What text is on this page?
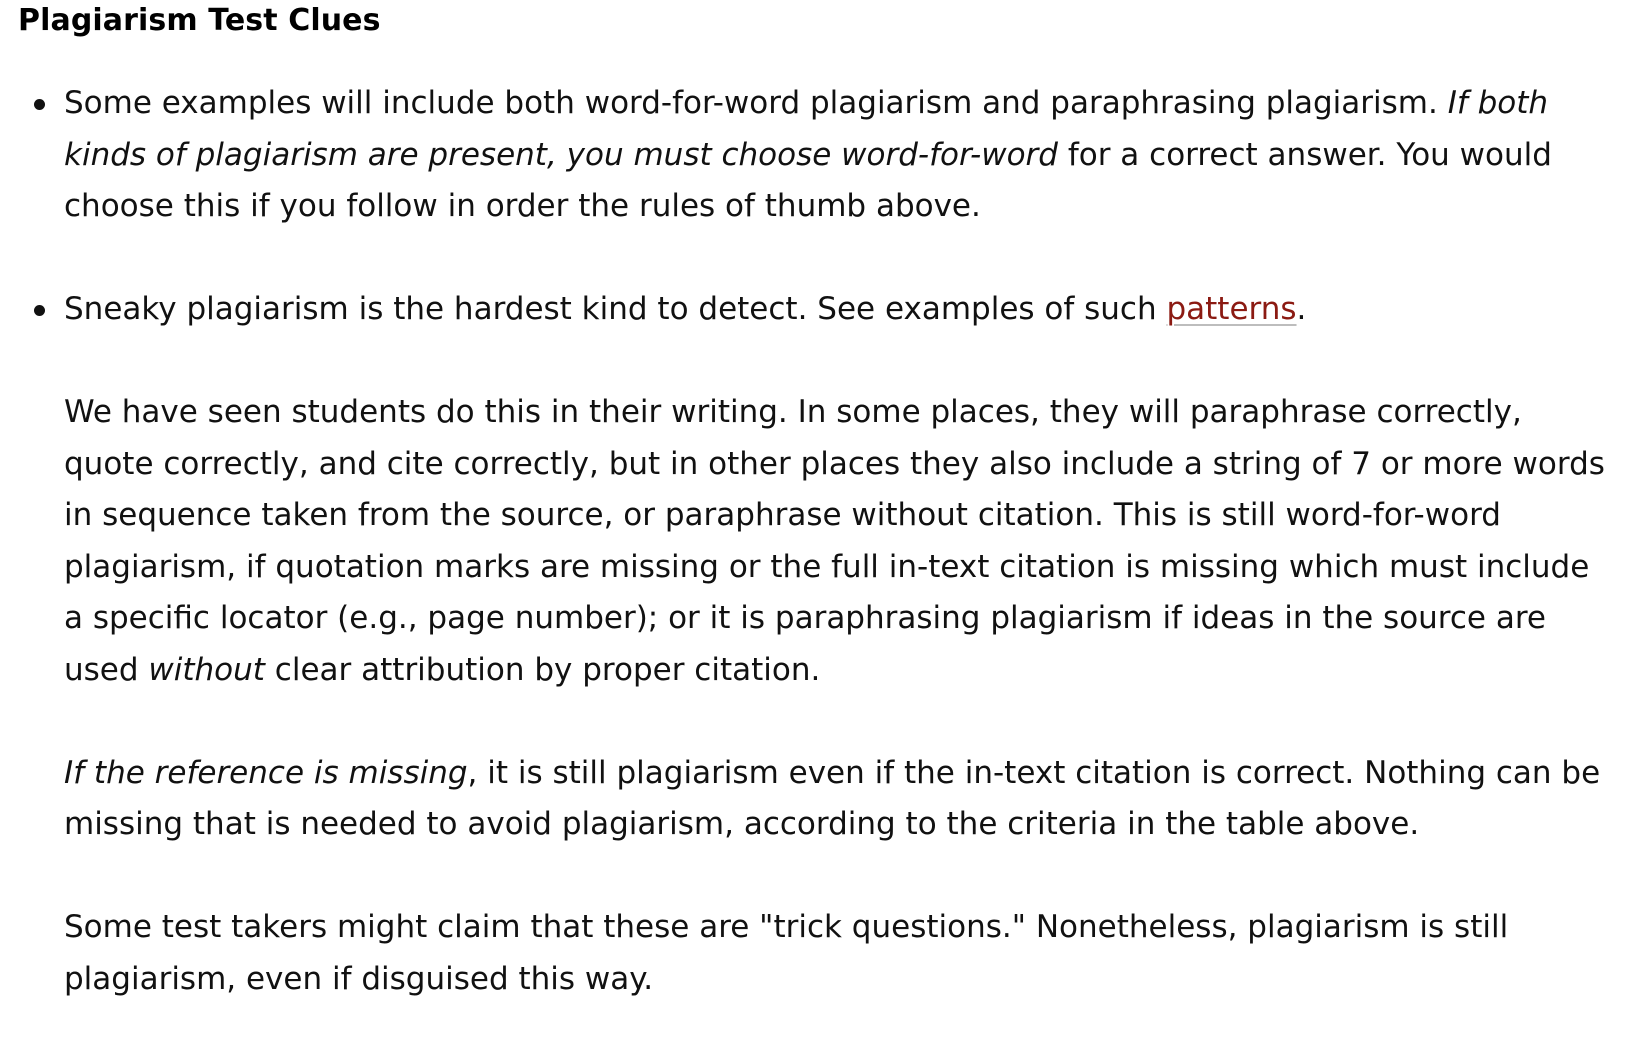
Plagiarism Test Clues

Some examples will include both word-for-word plagiarism and paraphrasing plagiarism. If both kinds of plagiarism are present, you must choose word-for-word for a correct answer. You would choose this if you follow in order the rules of thumb above.

Sneaky plagiarism is the hardest kind to detect. See examples of such patterns.

We have seen students do this in their writing. In some places, they will paraphrase correctly, quote correctly, and cite correctly, but in other places they also include a string of 7 or more words in sequence taken from the source, or paraphrase without citation. This is still word-for-word plagiarism, if quotation marks are missing or the full in-text citation is missing which must include a specific locator (e.g., page number); or it is paraphrasing plagiarism if ideas in the source are used without clear attribution by proper citation.

If the reference is missing, it is still plagiarism even if the in-text citation is correct. Nothing can be missing that is needed to avoid plagiarism, according to the criteria in the table above.

Some test takers might claim that these are "trick questions." Nonetheless, plagiarism is still plagiarism, even if disguised this way.
